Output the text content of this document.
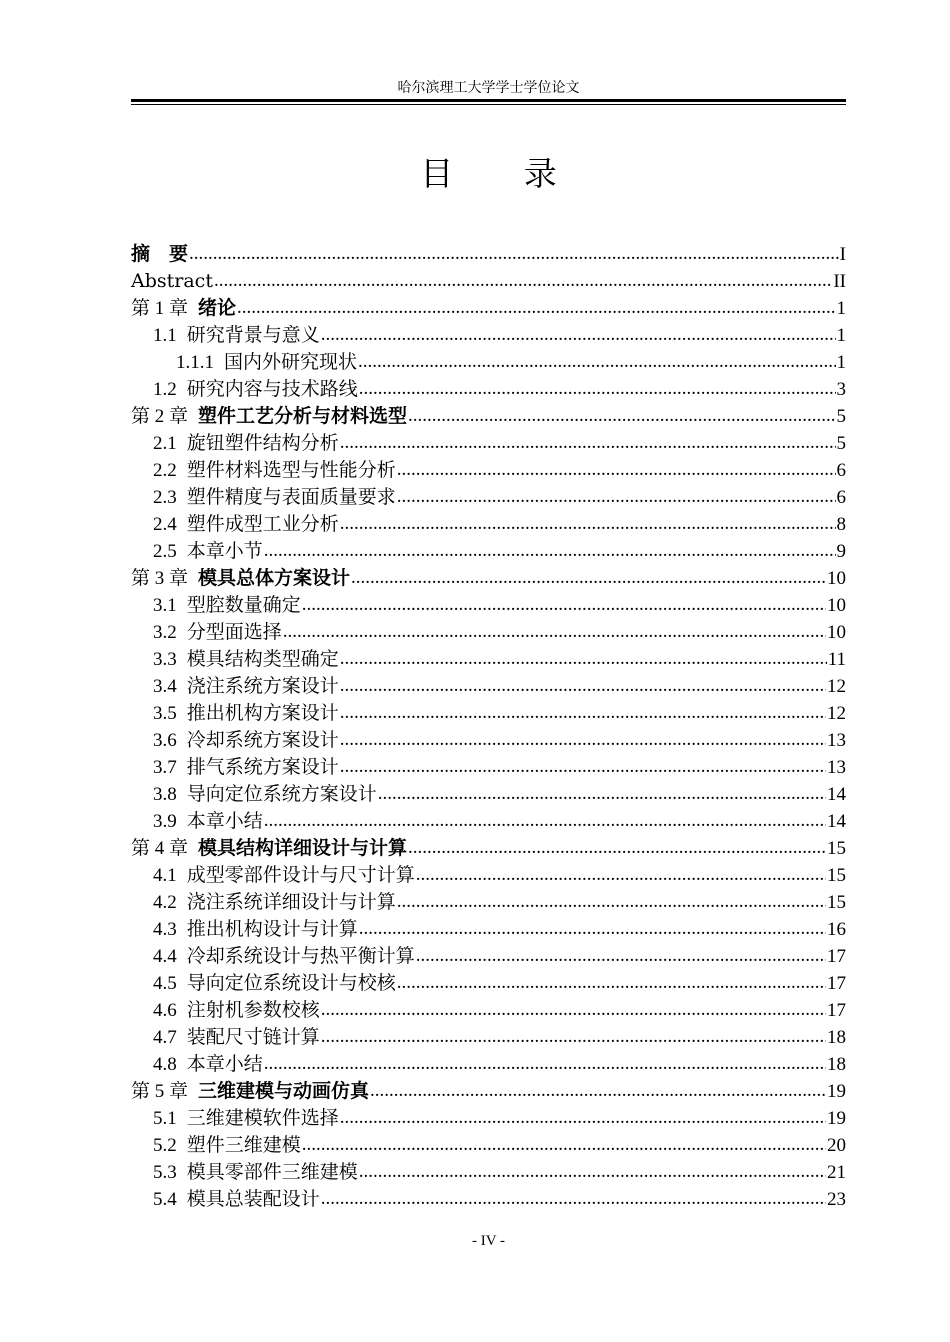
哈尔滨理工大学学士学位论文
目 录
摘　要 .....	I
Abstract .....	II
第 1 章 绪论 .....	1
1.1 研究背景与意义 .....	1
1.1.1 国内外研究现状 .....	1
1.2 研究内容与技术路线 .....	3
第 2 章 塑件工艺分析与材料选型 .....	5
2.1 旋钮塑件结构分析 .....	5
2.2 塑件材料选型与性能分析 .....	6
2.3 塑件精度与表面质量要求 .....	6
2.4 塑件成型工业分析 .....	8
2.5 本章小节 .....	9
第 3 章 模具总体方案设计 .....	10
3.1 型腔数量确定 .....	10
3.2 分型面选择 .....	10
3.3 模具结构类型确定 .....	11
3.4 浇注系统方案设计 .....	12
3.5 推出机构方案设计 .....	12
3.6 冷却系统方案设计 .....	13
3.7 排气系统方案设计 .....	13
3.8 导向定位系统方案设计 .....	14
3.9 本章小结 .....	14
第 4 章 模具结构详细设计与计算 .....	15
4.1 成型零部件设计与尺寸计算 .....	15
4.2 浇注系统详细设计与计算 .....	15
4.3 推出机构设计与计算 .....	16
4.4 冷却系统设计与热平衡计算 .....	17
4.5 导向定位系统设计与校核 .....	17
4.6 注射机参数校核 .....	17
4.7 装配尺寸链计算 .....	18
4.8 本章小结 .....	18
第 5 章 三维建模与动画仿真 .....	19
5.1 三维建模软件选择 .....	19
5.2 塑件三维建模 .....	20
5.3 模具零部件三维建模 .....	21
5.4 模具总装配设计 .....	23
- IV -
